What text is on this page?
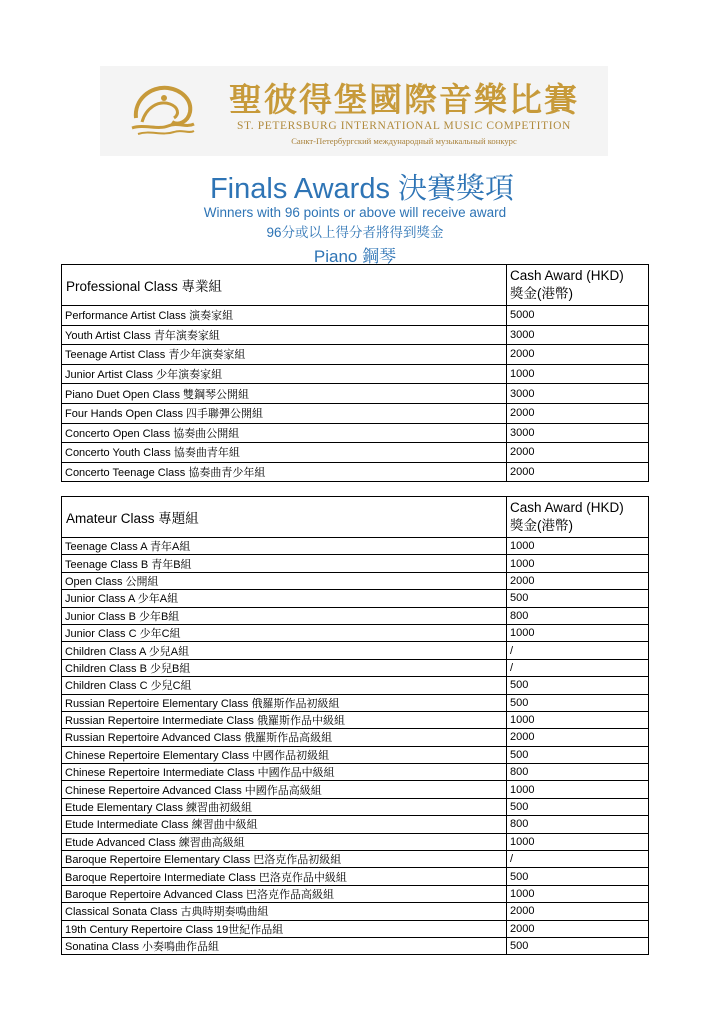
聖彼得堡國際音樂比賽
ST. PETERSBURG INTERNATIONAL MUSIC COMPETITION
Санкт-Петербургский международный музыкальный конкурс
Finals Awards 決賽獎項
Winners with 96 points or above will receive award
96分或以上得分者將得到獎金
Piano 鋼琴
Professional Class 專業組	Cash Award (HKD)
獎金(港幣)
Performance Artist Class 演奏家組	5000
Youth Artist Class 青年演奏家組	3000
Teenage Artist Class 青少年演奏家組	2000
Junior Artist Class 少年演奏家組	1000
Piano Duet Open Class 雙鋼琴公開組	3000
Four Hands Open Class 四手聯彈公開組	2000
Concerto Open Class 協奏曲公開組	3000
Concerto Youth Class 協奏曲青年組	2000
Concerto Teenage Class 協奏曲青少年組	2000
Amateur Class 專題組	Cash Award (HKD)
獎金(港幣)
Teenage Class A 青年A組	1000
Teenage Class B 青年B組	1000
Open Class 公開組	2000
Junior Class A 少年A組	500
Junior Class B 少年B組	800
Junior Class C 少年C組	1000
Children Class A 少兒A組	/
Children Class B 少兒B組	/
Children Class C 少兒C組	500
Russian Repertoire Elementary Class 俄羅斯作品初級組	500
Russian Repertoire Intermediate Class 俄羅斯作品中級組	1000
Russian Repertoire Advanced Class 俄羅斯作品高級組	2000
Chinese Repertoire Elementary Class 中國作品初級組	500
Chinese Repertoire Intermediate Class 中國作品中級組	800
Chinese Repertoire Advanced Class 中國作品高級組	1000
Etude Elementary Class 練習曲初級組	500
Etude Intermediate Class 練習曲中級組	800
Etude Advanced Class 練習曲高級組	1000
Baroque Repertoire Elementary Class 巴洛克作品初級組	/
Baroque Repertoire Intermediate Class 巴洛克作品中級組	500
Baroque Repertoire Advanced Class 巴洛克作品高級組	1000
Classical Sonata Class 古典時期奏鳴曲組	2000
19th Century Repertoire Class 19世紀作品組	2000
Sonatina Class 小奏鳴曲作品組	500
